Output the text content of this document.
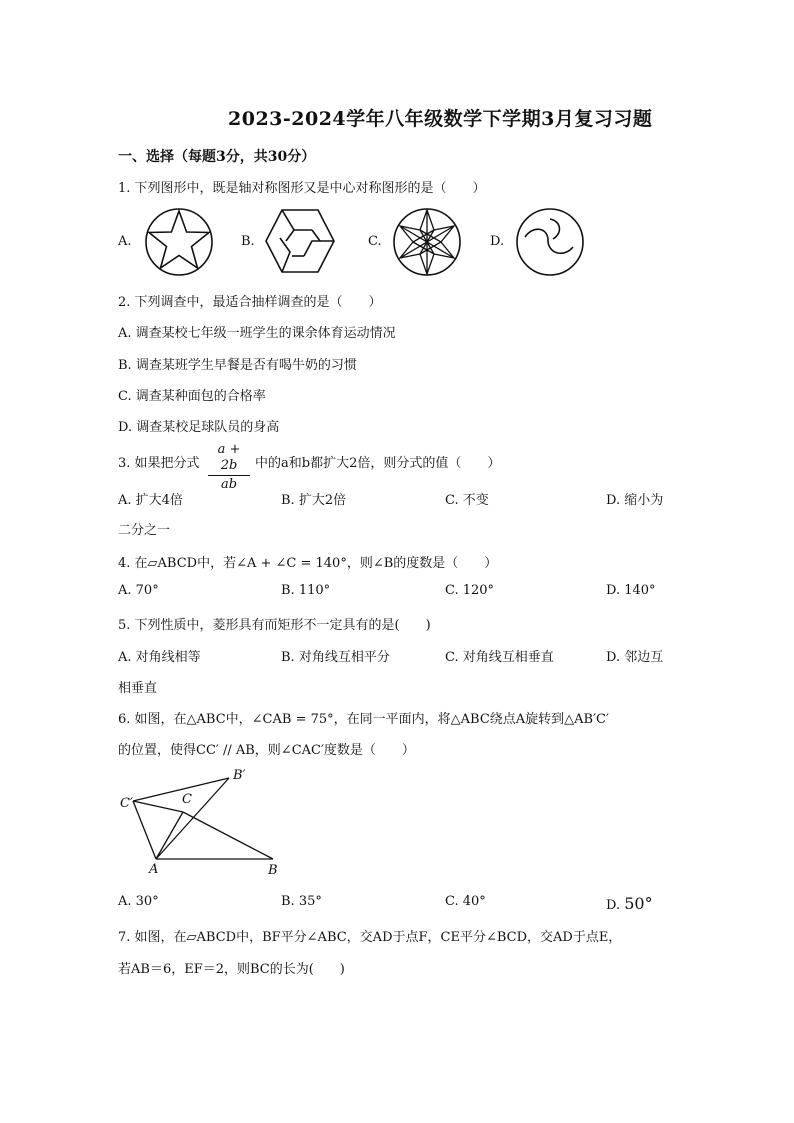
2023-2024学年八年级数学下学期3月复习习题
一、选择（每题3分，共30分）
1. 下列图形中，既是轴对称图形又是中心对称图形的是（　　）
A.	B.	C.	D.
2. 下列调查中，最适合抽样调查的是（　　）
A. 调查某校七年级一班学生的课余体育运动情况
B. 调查某班学生早餐是否有喝牛奶的习惯
C. 调查某种面包的合格率
D. 调查某校足球队员的身高
3. 如果把分式
a + 2b
ab
中的a和b都扩大2倍，则分式的值（　　）
A. 扩大4倍	B. 扩大2倍	C. 不变	D. 缩小为
二分之一
4. 在▱ABCD中，若∠A + ∠C = 140°，则∠B的度数是（　　）
A. 70°	B. 110°	C. 120°	D. 140°
5. 下列性质中，菱形具有而矩形不一定具有的是(　　)
A. 对角线相等	B. 对角线互相平分	C. 对角线互相垂直	D. 邻边互
相垂直
6. 如图，在△ABC中，∠CAB = 75°，在同一平面内，将△ABC绕点A旋转到△AB′C′
的位置，使得CC′ // AB，则∠CAC′度数是（　　）
B′
C′	C
A	B
A. 30°	B. 35°	C. 40°	D. 50°
7. 如图，在▱ABCD中，BF平分∠ABC，交AD于点F，CE平分∠BCD，交AD于点E，
若AB＝6，EF＝2，则BC的长为(　　)
